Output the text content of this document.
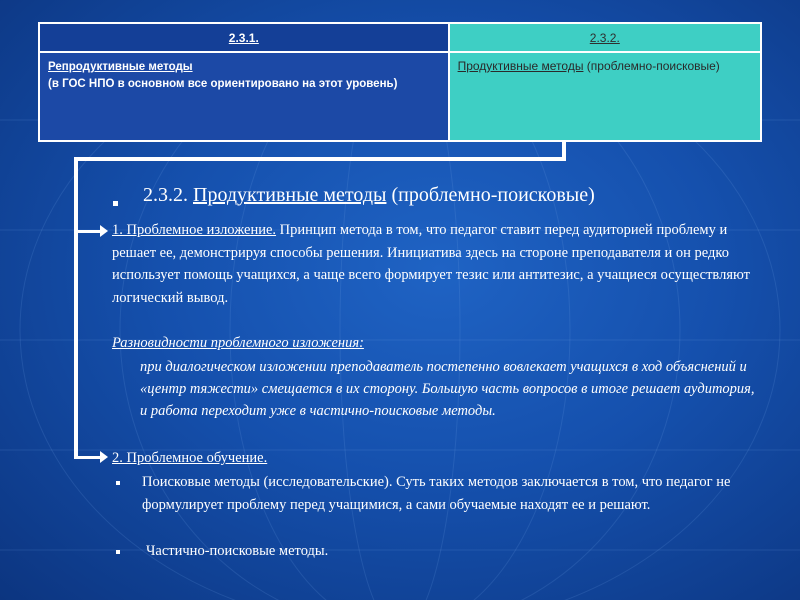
2.3.1.	2.3.2.

Репродуктивные методы
(в ГОС НПО в основном все ориентировано на этот уровень)	Продуктивные методы (проблемно-поисковые)
2.3.2. Продуктивные методы (проблемно-поисковые)
1. Проблемное изложение. Принцип метода в том, что педагог ставит перед аудиторией проблему и решает ее, демонстрируя способы решения. Инициатива здесь на стороне преподавателя и он редко использует помощь учащихся, а чаще всего формирует тезис или антитезис, а учащиеся осуществляют логический вывод.
Разновидности проблемного изложения:
при диалогическом изложении преподаватель постепенно вовлекает учащихся в ход объяснений и «центр тяжести» смещается в их сторону. Большую часть вопросов в итоге решает аудитория, и работа переходит уже в частично-поисковые методы.
2. Проблемное обучение.
Поисковые методы (исследовательские). Суть таких методов заключается в том, что педагог не формулирует проблему перед учащимися, а сами обучаемые находят ее и решают.
Частично-поисковые методы.
